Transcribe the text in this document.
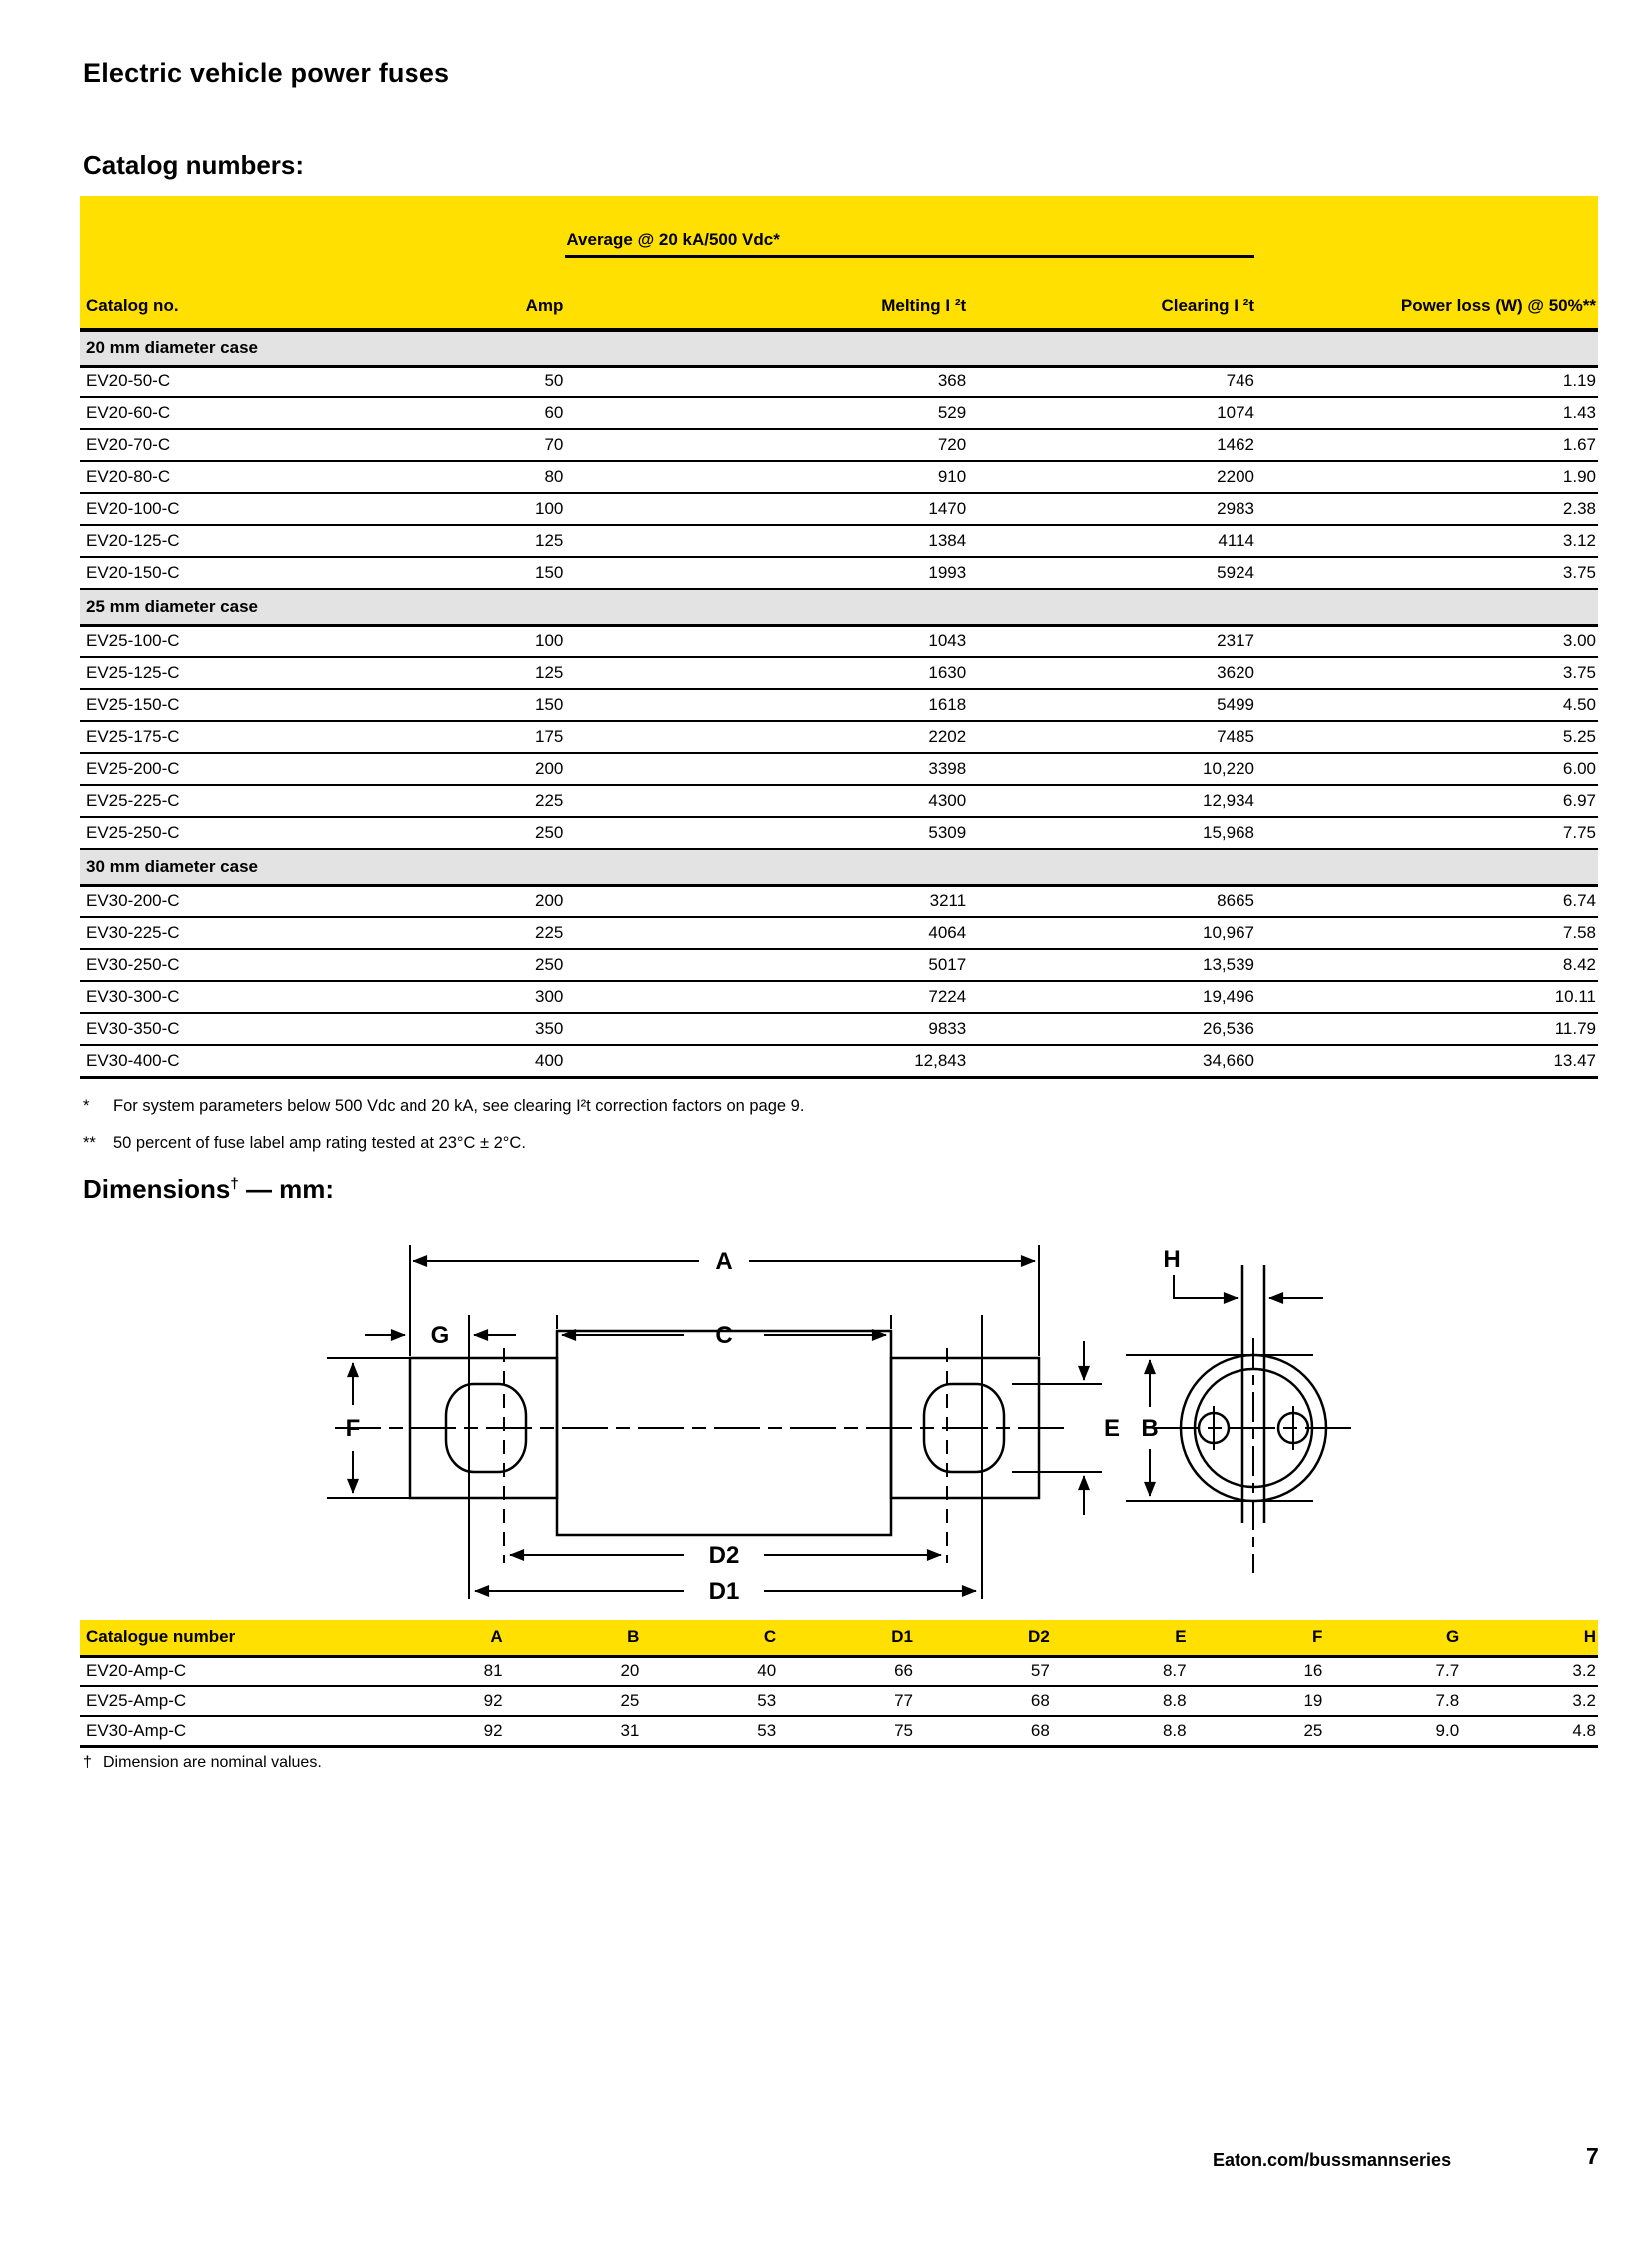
Electric vehicle power fuses
Catalog numbers:

		Average @ 20 kA/500 Vdc*		

Catalog no.	Amp	Melting I ²t	Clearing I ²t	Power loss (W) @ 50%**
20 mm diameter case				
EV20-50-C	50	368	746	1.19
EV20-60-C	60	529	1074	1.43
EV20-70-C	70	720	1462	1.67
EV20-80-C	80	910	2200	1.90
EV20-100-C	100	1470	2983	2.38
EV20-125-C	125	1384	4114	3.12
EV20-150-C	150	1993	5924	3.75
25 mm diameter case				
EV25-100-C	100	1043	2317	3.00
EV25-125-C	125	1630	3620	3.75
EV25-150-C	150	1618	5499	4.50
EV25-175-C	175	2202	7485	5.25
EV25-200-C	200	3398	10,220	6.00
EV25-225-C	225	4300	12,934	6.97
EV25-250-C	250	5309	15,968	7.75
30 mm diameter case				
EV30-200-C	200	3211	8665	6.74
EV30-225-C	225	4064	10,967	7.58
EV30-250-C	250	5017	13,539	8.42
EV30-300-C	300	7224	19,496	10.11
EV30-350-C	350	9833	26,536	11.79
EV30-400-C	400	12,843	34,660	13.47
* For system parameters below 500 Vdc and 20 kA, see clearing I²t correction factors on page 9.
** 50 percent of fuse label amp rating tested at 23°C ± 2°C.
Dimensions† — mm:
A
G	C
F	E
D2
D1
H
B
Catalogue number	A	B	C	D1	D2	E	F	G	H
EV20-Amp-C	81	20	40	66	57	8.7	16	7.7	3.2
EV25-Amp-C	92	25	53	77	68	8.8	19	7.8	3.2
EV30-Amp-C	92	31	53	75	68	8.8	25	9.0	4.8
† Dimension are nominal values.
Eaton.com/bussmannseries	7
